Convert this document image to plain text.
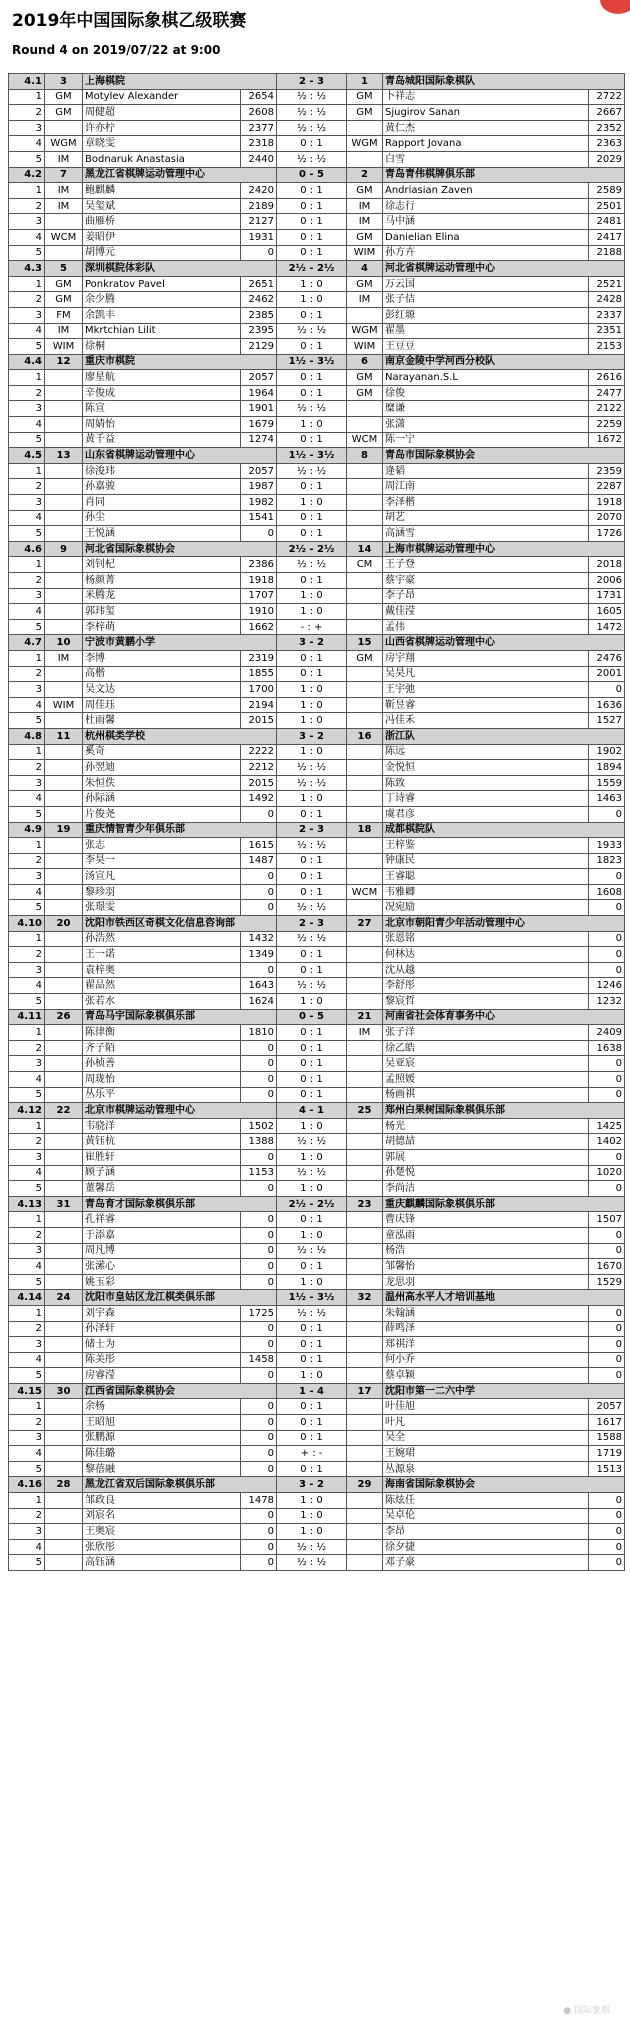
2019年中国国际象棋乙级联赛
Round 4 on 2019/07/22 at 9:00
4.1	3	上海棋院		2 - 3	1	青岛城阳国际象棋队	
1	GM	Motylev Alexander	2654	½ : ½	GM	卜祥志	2722
2	GM	周健超	2608	½ : ½	GM	Sjugirov Sanan	2667
3		许亦柠	2377	½ : ½		黄仁杰	2352
4	WGM	章晓雯	2318	0 : 1	WGM	Rapport Jovana	2363
5	IM	Bodnaruk Anastasia	2440	½ : ½		白雪	2029
4.2	7	黑龙江省棋牌运动管理中心		0 - 5	2	青岛青伟棋牌俱乐部	
1	IM	鲍麒麟	2420	0 : 1	GM	Andriasian Zaven	2589
2	IM	吴玺斌	2189	0 : 1	IM	徐志行	2501
3		曲雁桥	2127	0 : 1	IM	马中涵	2481
4	WCM	姜昭伊	1931	0 : 1	GM	Danielian Elina	2417
5		胡博元	0	0 : 1	WIM	孙方卉	2188
4.3	5	深圳棋院体彩队		2½ - 2½	4	河北省棋牌运动管理中心	
1	GM	Ponkratov Pavel	2651	1 : 0	GM	万云国	2521
2	GM	余少腾	2462	1 : 0	IM	张子佶	2428
3	FM	余凯丰	2385	0 : 1		彭红塬	2337
4	IM	Mkrtchian Lilit	2395	½ : ½	WGM	翟墨	2351
5	WIM	徐桐	2129	0 : 1	WIM	王豆豆	2153
4.4	12	重庆市棋院		1½ - 3½	6	南京金陵中学河西分校队	
1		廖星航	2057	0 : 1	GM	Narayanan.S.L	2616
2		辛俊成	1964	0 : 1	GM	徐俊	2477
3		陈宣	1901	½ : ½		糜谦	2122
4		周婧怡	1679	1 : 0		张潇	2259
5		黄千益	1274	0 : 1	WCM	陈一宁	1672
4.5	13	山东省棋牌运动管理中心		1½ - 3½	8	青岛市国际象棋协会	
1		徐浚玮	2057	½ : ½		逄韬	2359
2		孙嘉骏	1987	0 : 1		周江南	2287
3		肖同	1982	1 : 0		李泽楷	1918
4		孙尘	1541	0 : 1		胡艺	2070
5		王悦涵	0	0 : 1		高涵雪	1726
4.6	9	河北省国际象棋协会		2½ - 2½	14	上海市棋牌运动管理中心	
1		刘钊杞	2386	½ : ½	CM	王子登	2018
2		杨颜菁	1918	0 : 1		蔡宇豪	2006
3		米腾龙	1707	1 : 0		李子昂	1731
4		郭玮玺	1910	1 : 0		戴佳滢	1605
5		李梓萌	1662	- : +		孟伟	1472
4.7	10	宁波市黄鹏小学		3 - 2	15	山西省棋牌运动管理中心	
1	IM	李博	2319	0 : 1	GM	房宇翔	2476
2		高楷	1855	0 : 1		吴昊凡	2001
3		吴文达	1700	1 : 0		王宇弛	0
4	WIM	周佳珏	2194	1 : 0		靳昱睿	1636
5		杜雨馨	2015	1 : 0		冯佳禾	1527
4.8	11	杭州棋类学校		3 - 2	16	浙江队	
1		奚奇	2222	1 : 0		陈远	1902
2		孙翌迪	2212	½ : ½		金悦恒	1894
3		朱恒佚	2015	½ : ½		陈致	1559
4		孙际涵	1492	1 : 0		丁诗睿	1463
5		片俊尧	0	0 : 1		虞君彦	0
4.9	19	重庆情智青少年俱乐部		2 - 3	18	成都棋院队	
1		张志	1615	½ : ½		王梓鉴	1933
2		李昊一	1487	0 : 1		钟康民	1823
3		汤宣凡	0	0 : 1		王睿聪	0
4		黎珍羽	0	0 : 1	WCM	韦雅卿	1608
5		张璟雯	0	½ : ½		况宛励	0
4.10	20	沈阳市铁西区奇棋文化信息咨询部		2 - 3	27	北京市朝阳青少年活动管理中心	
1		孙浩然	1432	½ : ½		张恩铭	0
2		王一诺	1349	0 : 1		何林达	0
3		袁梓奥	0	0 : 1		沈从越	0
4		翟品然	1643	½ : ½		李舒彤	1246
5		张若水	1624	1 : 0		黎宸哲	1232
4.11	26	青岛马宇国际象棋俱乐部		0 - 5	21	河南省社会体育事务中心	
1		陈律衡	1810	0 : 1	IM	张子洋	2409
2		齐子陌	0	0 : 1		徐乙皓	1638
3		孙桢善	0	0 : 1		吴亚宸	0
4		周珑怡	0	0 : 1		孟照媛	0
5		丛乐平	0	0 : 1		杨画祺	0
4.12	22	北京市棋牌运动管理中心		4 - 1	25	郑州白果树国际象棋俱乐部	
1		韦骁洋	1502	1 : 0		杨光	1425
2		黄钰杭	1388	½ : ½		胡德喆	1402
3		崔胜轩	0	1 : 0		郭展	0
4		顾子涵	1153	½ : ½		孙楚悦	1020
5		董馨岳	0	1 : 0		李尚洁	0
4.13	31	青岛育才国际象棋俱乐部		2½ - 2½	23	重庆麒麟国际象棋俱乐部	
1		孔祥睿	0	0 : 1		曹庆锋	1507
2		于添嘉	0	1 : 0		童泓雨	0
3		周凡博	0	½ : ½		杨浩	0
4		张潆心	0	0 : 1		邹馨怡	1670
5		姚玉彩	0	1 : 0		龙思羽	1529
4.14	24	沈阳市皇姑区龙江棋类俱乐部		1½ - 3½	32	温州高水平人才培训基地	
1		刘宇森	1725	½ : ½		朱翰涵	0
2		孙泽轩	0	0 : 1		薛鸣泽	0
3		储士为	0	0 : 1		郑祺洋	0
4		陈美彤	1458	0 : 1		何小乔	0
5		房睿滢	0	1 : 0		蔡卓颖	0
4.15	30	江西省国际象棋协会		1 - 4	17	沈阳市第一二六中学	
1		余杨	0	0 : 1		叶佳旭	2057
2		王昭旭	0	0 : 1		叶凡	1617
3		张鹏源	0	0 : 1		吴全	1588
4		陈佳璐	0	+ : -		王婉珺	1719
5		黎蓓融	0	0 : 1		丛源泉	1513
4.16	28	黑龙江省双后国际象棋俱乐部		3 - 2	29	海南省国际象棋协会	
1		邹政良	1478	1 : 0		陈炫任	0
2		刘宸名	0	1 : 0		吴卓伦	0
3		王奥宸	0	1 : 0		李昂	0
4		张欣彤	0	½ : ½		徐夕捷	0
5		高钰涵	0	½ : ½		邓子豪	0
● 国际象棋
